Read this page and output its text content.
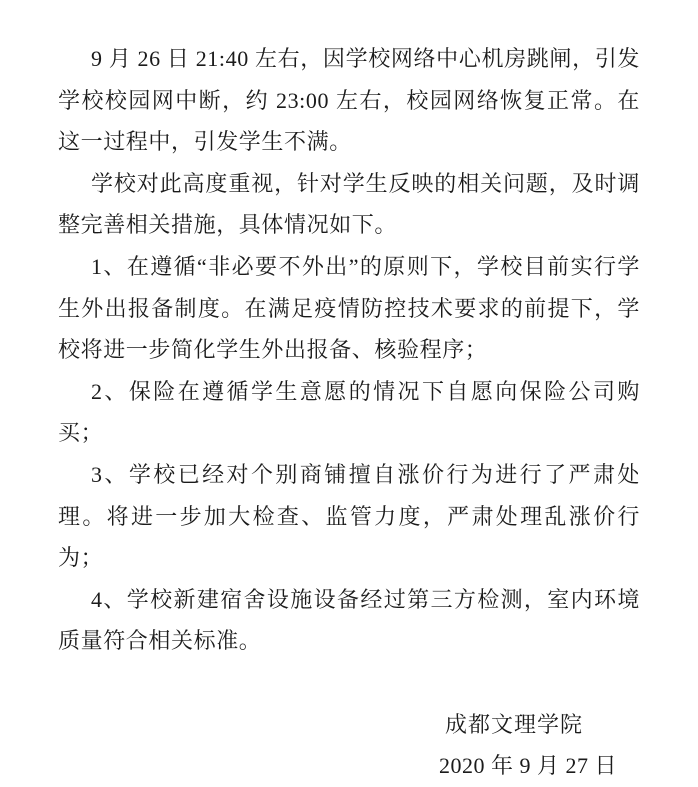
9 月 26 日 21:40 左右，因学校网络中心机房跳闸，引发学校校园网中断，约 23:00 左右，校园网络恢复正常。在这一过程中，引发学生不满。

学校对此高度重视，针对学生反映的相关问题，及时调整完善相关措施，具体情况如下。

1、在遵循“非必要不外出”的原则下，学校目前实行学生外出报备制度。在满足疫情防控技术要求的前提下，学校将进一步简化学生外出报备、核验程序；

2、保险在遵循学生意愿的情况下自愿向保险公司购买；

3、学校已经对个别商铺擅自涨价行为进行了严肃处理。将进一步加大检查、监管力度，严肃处理乱涨价行为；

4、学校新建宿舍设施设备经过第三方检测，室内环境质量符合相关标准。

成都文理学院
2020 年 9 月 27 日
